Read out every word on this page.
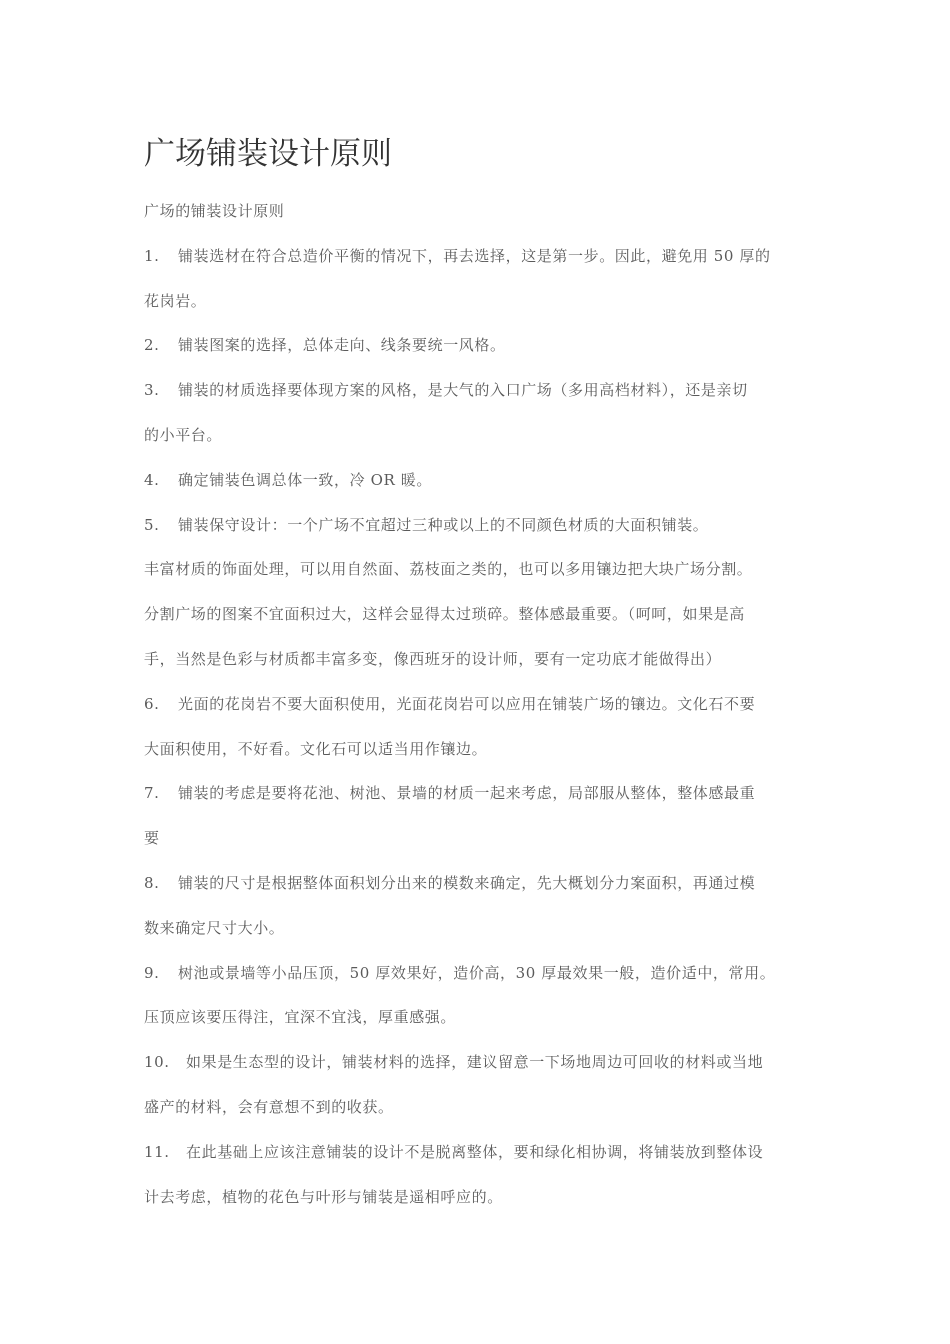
广场铺装设计原则
广场的铺装设计原则
1. 铺装选材在符合总造价平衡的情况下，再去选择，这是第一步。因此，避免用 50 厚的
花岗岩。
2. 铺装图案的选择，总体走向、线条要统一风格。
3. 铺装的材质选择要体现方案的风格，是大气的入口广场（多用高档材料），还是亲切
的小平台。
4. 确定铺装色调总体一致，冷 OR 暖。
5. 铺装保守设计：一个广场不宜超过三种或以上的不同颜色材质的大面积铺装。
丰富材质的饰面处理，可以用自然面、荔枝面之类的，也可以多用镶边把大块广场分割。
分割广场的图案不宜面积过大，这样会显得太过琐碎。整体感最重要。（呵呵，如果是高
手，当然是色彩与材质都丰富多变，像西班牙的设计师，要有一定功底才能做得出）
6. 光面的花岗岩不要大面积使用，光面花岗岩可以应用在铺装广场的镶边。文化石不要
大面积使用，不好看。文化石可以适当用作镶边。
7. 铺装的考虑是要将花池、树池、景墙的材质一起来考虑，局部服从整体，整体感最重
要
8. 铺装的尺寸是根据整体面积划分出来的模数来确定，先大概划分力案面积，再通过模
数来确定尺寸大小。
9. 树池或景墙等小品压顶，50 厚效果好，造价高，30 厚最效果一般，造价适中，常用。
压顶应该要压得注，宜深不宜浅，厚重感强。
10. 如果是生态型的设计，铺装材料的选择，建议留意一下场地周边可回收的材料或当地
盛产的材料，会有意想不到的收获。
11. 在此基础上应该注意铺装的设计不是脱离整体，要和绿化相协调，将铺装放到整体设
计去考虑，植物的花色与叶形与铺装是遥相呼应的。
